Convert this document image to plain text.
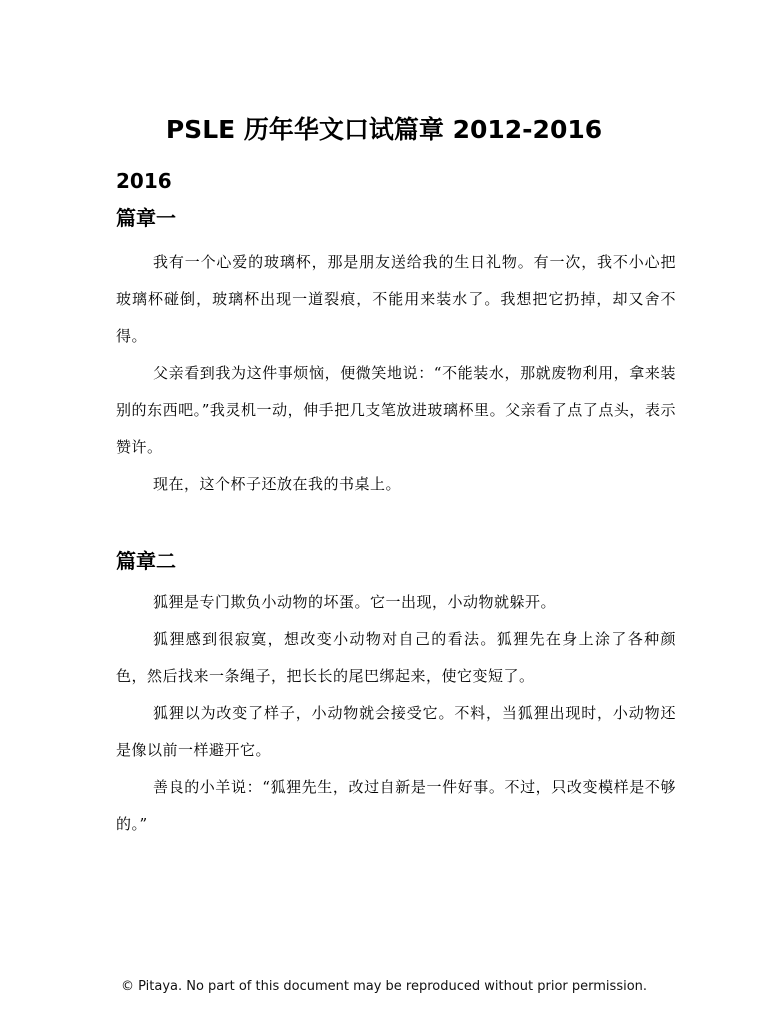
PSLE 历年华文口试篇章 2012-2016
2016
篇章一

我有一个心爱的玻璃杯，那是朋友送给我的生日礼物。有一次，我不小心把玻璃杯碰倒，玻璃杯出现一道裂痕，不能用来装水了。我想把它扔掉，却又舍不得。

父亲看到我为这件事烦恼，便微笑地说：“不能装水，那就废物利用，拿来装别的东西吧。”我灵机一动，伸手把几支笔放进玻璃杯里。父亲看了点了点头，表示赞许。

现在，这个杯子还放在我的书桌上。

篇章二

狐狸是专门欺负小动物的坏蛋。它一出现，小动物就躲开。

狐狸感到很寂寞，想改变小动物对自己的看法。狐狸先在身上涂了各种颜色，然后找来一条绳子，把长长的尾巴绑起来，使它变短了。

狐狸以为改变了样子，小动物就会接受它。不料，当狐狸出现时，小动物还是像以前一样避开它。

善良的小羊说：“狐狸先生，改过自新是一件好事。不过，只改变模样是不够的。”

© Pitaya. No part of this document may be reproduced without prior permission.
